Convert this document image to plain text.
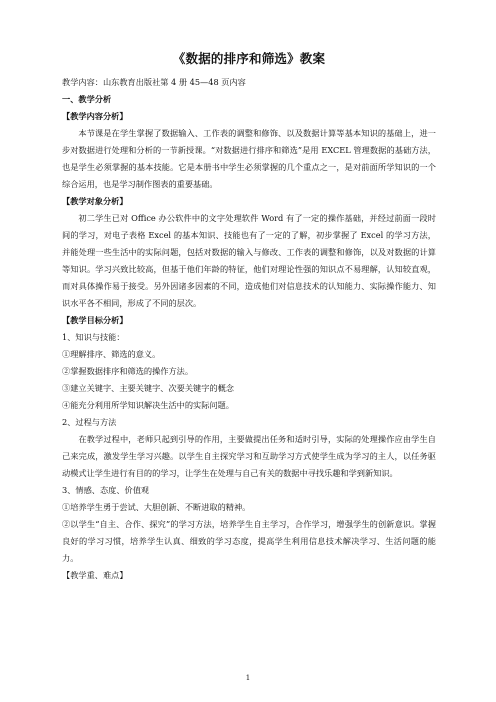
《数据的排序和筛选》教案

教学内容：山东教育出版社第 4 册 45—48 页内容

一、教学分析

【教学内容分析】

本节课是在学生掌握了数据输入、工作表的调整和修饰、以及数据计算等基本知识的基础上，进一步对数据进行处理和分析的一节新授课。“对数据进行排序和筛选”是用 EXCEL 管理数据的基础方法，也是学生必须掌握的基本技能。它是本册书中学生必须掌握的几个重点之一，是对前面所学知识的一个综合运用，也是学习制作图表的重要基础。

【教学对象分析】

初二学生已对 Office 办公软件中的文字处理软件 Word 有了一定的操作基础，并经过前面一段时间的学习，对电子表格 Excel 的基本知识、技能也有了一定的了解，初步掌握了 Excel 的学习方法，并能处理一些生活中的实际问题，包括对数据的输入与修改、工作表的调整和修饰，以及对数据的计算等知识。学习兴致比较高，但基于他们年龄的特征，他们对理论性强的知识点不易理解，认知较直观，而对具体操作易于接受。另外因诸多因素的不同，造成他们对信息技术的认知能力、实际操作能力、知识水平各不相同，形成了不同的层次。

【教学目标分析】

1、知识与技能：

①理解排序、筛选的意义。

②掌握数据排序和筛选的操作方法。

③建立关键字、主要关键字、次要关键字的概念

④能充分利用所学知识解决生活中的实际问题。

2、过程与方法

在教学过程中，老师只起到引导的作用，主要做提出任务和适时引导，实际的处理操作应由学生自己来完成，激发学生学习兴趣。以学生自主探究学习和互助学习方式使学生成为学习的主人，以任务驱动模式让学生进行有目的的学习，让学生在处理与自己有关的数据中寻找乐趣和学到新知识。

3、情感、态度、价值观

①培养学生勇于尝试、大胆创新、不断进取的精神。

②以学生“自主、合作、探究”的学习方法，培养学生自主学习，合作学习，增强学生的创新意识。掌握良好的学习习惯，培养学生认真、细致的学习态度，提高学生利用信息技术解决学习、生活问题的能力。

【教学重、难点】

1
